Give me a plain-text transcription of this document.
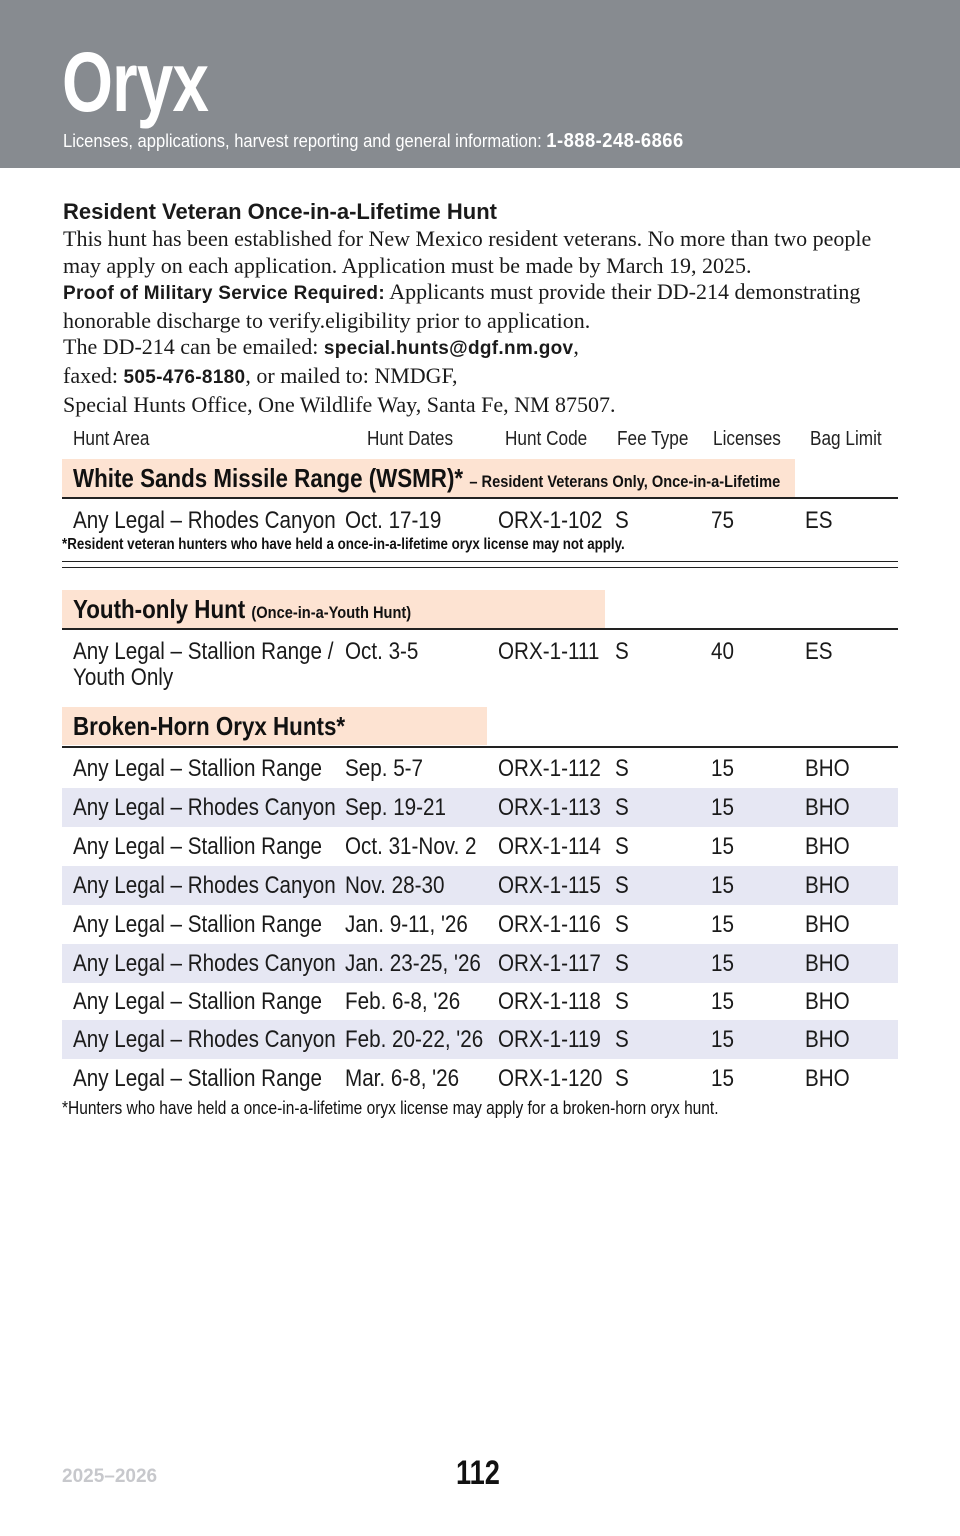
Oryx
Licenses, applications, harvest reporting and general information: 1-888-248-6866
Resident Veteran Once-in-a-Lifetime Hunt

This hunt has been established for New Mexico resident veterans. No more than two people may apply on each application. Application must be made by March 19, 2025.

Proof of Military Service Required: Applicants must provide their DD-214 demonstrating honorable discharge to verify.eligibility prior to application.

The DD-214 can be emailed: special.hunts@dgf.nm.gov,

faxed: 505-476-8180, or mailed to: NMDGF,

Special Hunts Office, One Wildlife Way, Santa Fe, NM 87507.

Hunt Area	Hunt Dates	Hunt Code Fee Type Licenses Bag Limit
White Sands Missile Range (WSMR)* – Resident Veterans Only, Once-in-a-Lifetime
Any Legal – Rhodes Canyon Oct. 17-19 ORX-1-102 S	75	ES
*Resident veteran hunters who have held a once-in-a-lifetime oryx license may not apply.
Youth-only Hunt (Once-in-a-Youth Hunt)
Any Legal – Stallion Range /
Youth Only
Oct. 3-5	ORX-1-111 S	40	ES
Broken-Horn Oryx Hunts*
Any Legal – Stallion Range Sep. 5-7	ORX-1-112 S	15	BHO
Any Legal – Rhodes Canyon Sep. 19-21 ORX-1-113 S	15	BHO
Any Legal – Stallion Range Oct. 31-Nov. 2 ORX-1-114 S	15	BHO
Any Legal – Rhodes Canyon Nov. 28-30 ORX-1-115 S	15	BHO
Any Legal – Stallion Range Jan. 9-11, '26 ORX-1-116 S	15	BHO
Any Legal – Rhodes Canyon Jan. 23-25, '26 ORX-1-117 S	15	BHO
Any Legal – Stallion Range Feb. 6-8, '26 ORX-1-118 S	15	BHO
Any Legal – Rhodes Canyon Feb. 20-22, '26 ORX-1-119 S	15	BHO
Any Legal – Stallion Range Mar. 6-8, '26 ORX-1-120 S	15	BHO
*Hunters who have held a once-in-a-lifetime oryx license may apply for a broken-horn oryx hunt.
2025–2026	112
